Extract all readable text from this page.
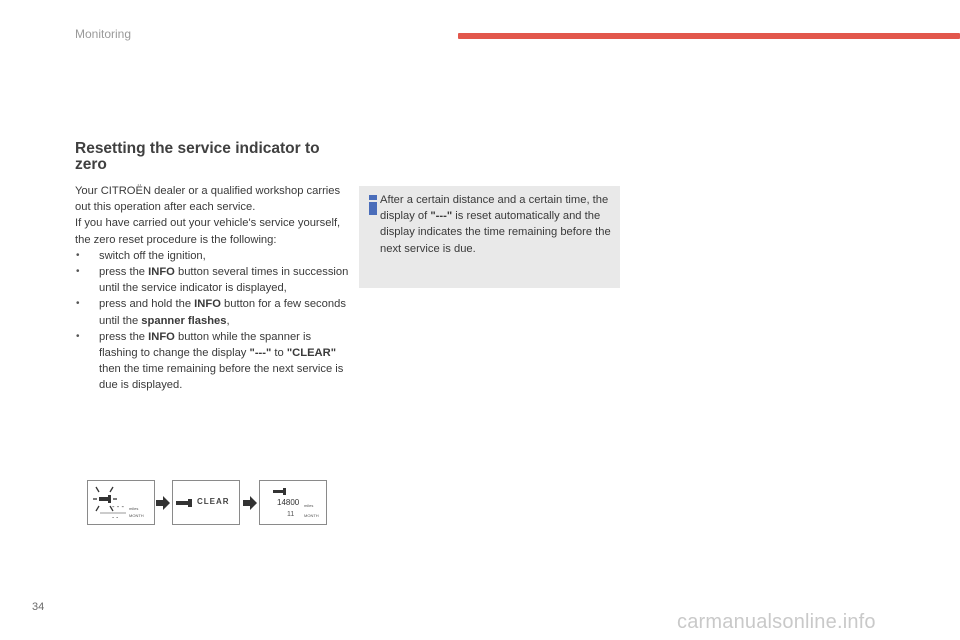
Monitoring
Resetting the service indicator to zero

Your CITROËN dealer or a qualified workshop carries out this operation after each service.

If you have carried out your vehicle's service yourself, the zero reset procedure is the following:

• switch off the ignition,
• press the INFO button several times in succession until the service indicator is displayed,
• press and hold the INFO button for a few seconds until the spanner flashes,
• press the INFO button while the spanner is flashing to change the display "---" to "CLEAR" then the time remaining before the next service is due is displayed.
After a certain distance and a certain time, the display of "---" is reset automatically and the display indicates the time remaining before the next service is due.
- - -
- -
miles
MONTH
CLEAR	14800 miles
11 MONTH
34
carmanualsonline.info
